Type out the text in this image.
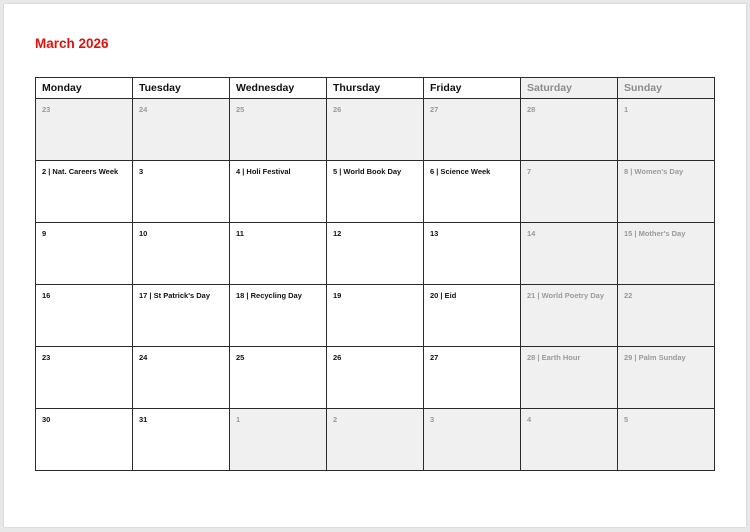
March 2026
Monday	Tuesday	Wednesday	Thursday	Friday	Saturday	Sunday

23	24	25	26	27	28	1

2 | Nat. Careers Week	3	4 | Holi Festival	5 | World Book Day	6 | Science Week	7	8 | Women's Day

9	10	11	12	13	14	15 | Mother's Day

16	17 | St Patrick's Day	18 | Recycling Day	19	20 | Eid	21 | World Poetry Day	22

23	24	25	26	27	28 | Earth Hour	29 | Palm Sunday

30	31	1	2	3	4	5
